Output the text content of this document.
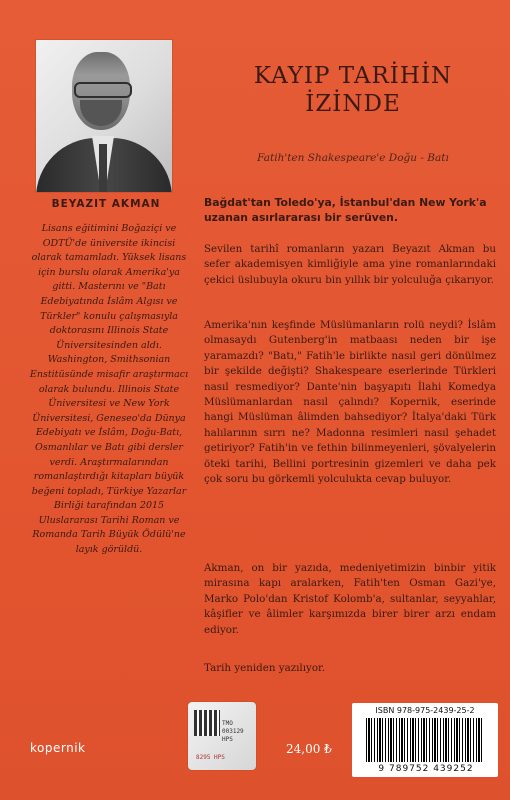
KAYIP TARİHİN
İZİNDE
Fatih'ten Shakespeare'e Doğu - Batı
BEYAZIT AKMAN
Lisans eğitimini Boğaziçi ve ODTÜ'de üniversite ikincisi olarak tamamladı. Yüksek lisans için burslu olarak Amerika'ya gitti. Masterını ve "Batı Edebiyatında İslâm Algısı ve Türkler" konulu çalışmasıyla doktorasını Illinois State Üniversitesinden aldı. Washington, Smithsonian Enstitüsünde misafir araştırmacı olarak bulundu. Illinois State Üniversitesi ve New York Üniversitesi, Geneseo'da Dünya Edebiyatı ve İslâm, Doğu-Batı, Osmanlılar ve Batı gibi dersler verdi. Araştırmalarından romanlaştırdığı kitapları büyük beğeni topladı, Türkiye Yazarlar Birliği tarafından 2015 Uluslararası Tarihi Roman ve Romanda Tarih Büyük Ödülü'ne layık görüldü.
Bağdat'tan Toledo'ya, İstanbul'dan New York'a uzanan asırlararası bir serüven.
Sevilen tarihî romanların yazarı Beyazıt Akman bu sefer akademisyen kimliğiyle ama yine romanlarındaki çekici üslubuyla okuru bin yıllık bir yolculuğa çıkarıyor.
Amerika'nın keşfinde Müslümanların rolü neydi? İslâm olmasaydı Gutenberg'in matbaası neden bir işe yaramazdı? "Batı," Fatih'le birlikte nasıl geri dönülmez bir şekilde değişti? Shakespeare eserlerinde Türkleri nasıl resmediyor? Dante'nin başyapıtı İlahi Komedya Müslümanlardan nasıl çalındı? Kopernik, eserinde hangi Müslüman âlimden bahsediyor? İtalya'daki Türk halılarının sırrı ne? Madonna resimleri nasıl şehadet getiriyor? Fatih'in ve fethin bilinmeyenleri, şövalyelerin öteki tarihi, Bellini portresinin gizemleri ve daha pek çok soru bu görkemli yolculukta cevap buluyor.
Akman, on bir yazıda, medeniyetimizin binbir yitik mirasına kapı aralarken, Fatih'ten Osman Gazi'ye, Marko Polo'dan Kristof Kolomb'a, sultanlar, seyyahlar, kâşifler ve âlimler karşımızda birer birer arzı endam ediyor.
Tarih yeniden yazılıyor.
TMO
003129
HPS
8295 HPS
kopernik	24,00 ₺
ISBN 978-975-2439-25-2
9 789752 439252
